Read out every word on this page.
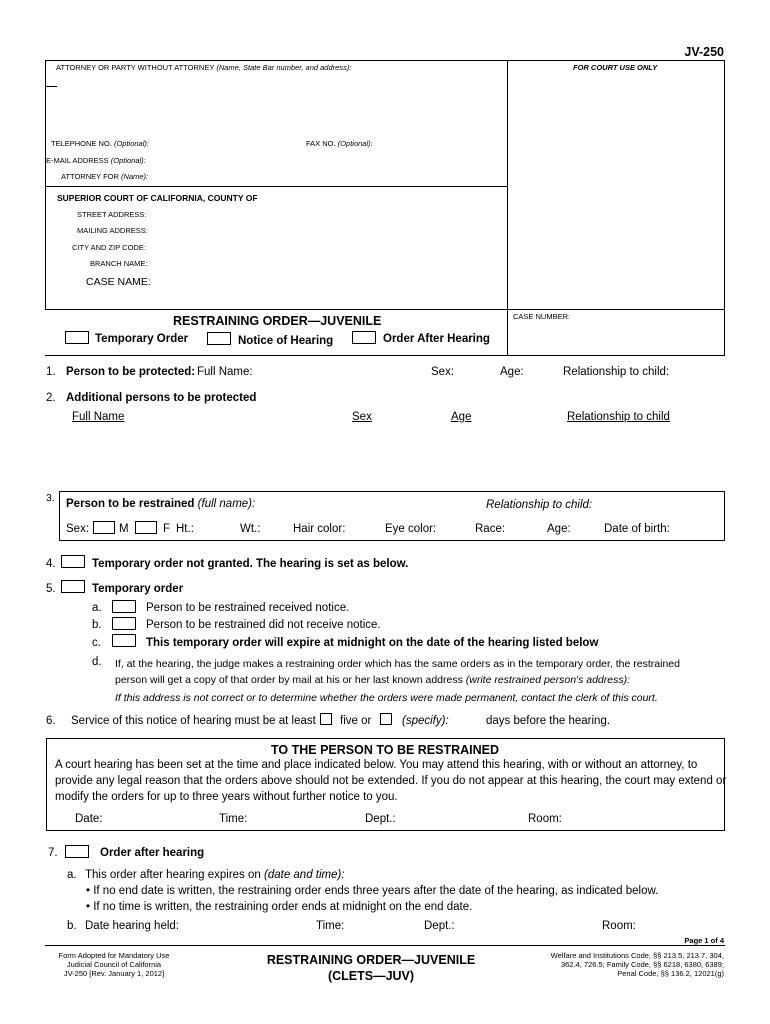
JV-250
ATTORNEY OR PARTY WITHOUT ATTORNEY (Name, State Bar number, and address):	FOR COURT USE ONLY
TELEPHONE NO. (Optional):	FAX NO. (Optional):
E-MAIL ADDRESS (Optional):
ATTORNEY FOR (Name):
SUPERIOR COURT OF CALIFORNIA, COUNTY OF
STREET ADDRESS:
MAILING ADDRESS:
CITY AND ZIP CODE:
BRANCH NAME:
CASE NAME:
RESTRAINING ORDER—JUVENILE	CASE NUMBER:
Temporary Order	Notice of Hearing	Order After Hearing
1. Person to be protected: Full Name:	Sex:	Age:	Relationship to child:
2. Additional persons to be protected
Full Name	Sex	Age	Relationship to child
3. Person to be restrained (full name):	Relationship to child:
Sex:	M	F Ht.:	Wt.:	Hair color:	Eye color:	Race:	Age:	Date of birth:
4.	Temporary order not granted. The hearing is set as below.
5.	Temporary order
a.	Person to be restrained received notice.
b.	Person to be restrained did not receive notice.
c.	This temporary order will expire at midnight on the date of the hearing listed below
d. If, at the hearing, the judge makes a restraining order which has the same orders as in the temporary order, the restrained
person will get a copy of that order by mail at his or her last known address (write restrained person's address):
If this address is not correct or to determine whether the orders were made permanent, contact the clerk of this court.
6. Service of this notice of hearing must be at least five or	(specify):	days before the hearing.
TO THE PERSON TO BE RESTRAINED
A court hearing has been set at the time and place indicated below. You may attend this hearing, with or without an attorney, to
provide any legal reason that the orders above should not be extended. If you do not appear at this hearing, the court may extend or
modify the orders for up to three years without further notice to you.
Date:	Time:	Dept.:	Room:
7.	Order after hearing
a. This order after hearing expires on (date and time):
• If no end date is written, the restraining order ends three years after the date of the hearing, as indicated below.
• If no time is written, the restraining order ends at midnight on the end date.
b. Date hearing held:	Time:	Dept.:	Room:
Page 1 of 4
Form Adopted for Mandatory Use
Judicial Council of California
JV-250 [Rev. January 1, 2012]
RESTRAINING ORDER—JUVENILE
(CLETS—JUV)
Welfare and Institutions Code, §§ 213.5, 213.7, 304,
362.4, 726.5; Family Code, §§ 6218, 6380, 6389;
Penal Code, §§ 136.2, 12021(g)
